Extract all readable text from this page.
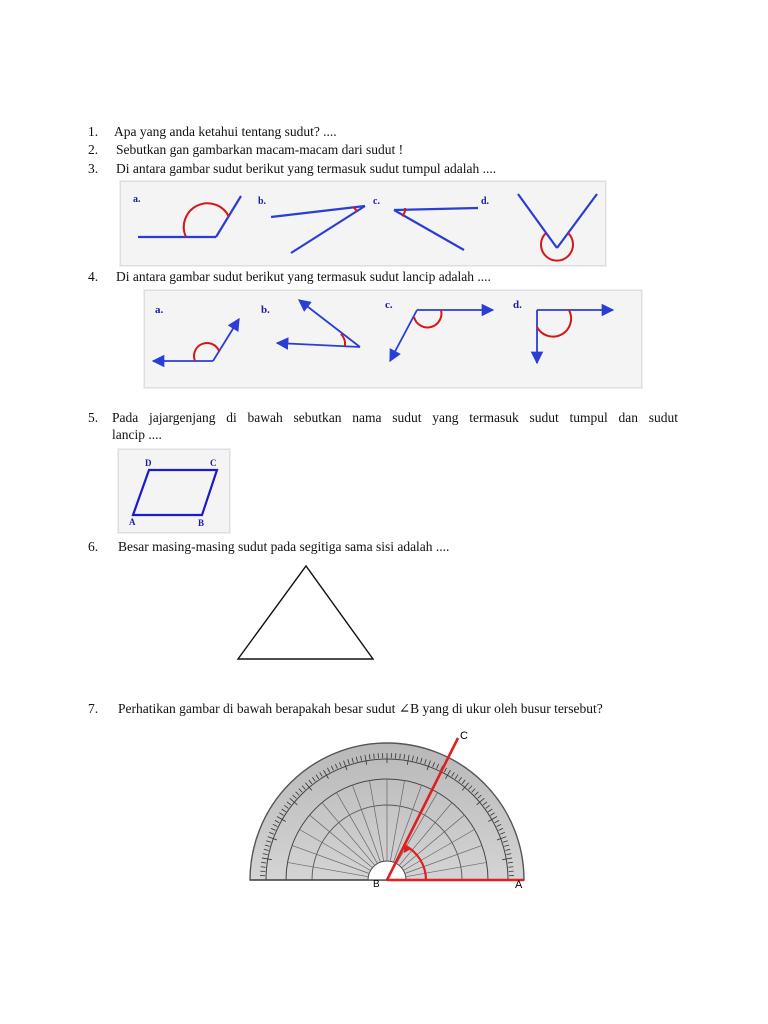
1. Apa yang anda ketahui tentang sudut? ....
2. Sebutkan gan gambarkan macam-macam dari sudut !
3. Di antara gambar sudut berikut yang termasuk sudut tumpul adalah ....
a.	b.	c.	d.
4. Di antara gambar sudut berikut yang termasuk sudut lancip adalah ....
a.	b.	c.	d.
5. Pada jajargenjang di bawah sebutkan nama sudut yang termasuk sudut tumpul dan sudut
lancip ....
D	C
A	B
6. Besar masing-masing sudut pada segitiga sama sisi adalah ....
7. Perhatikan gambar di bawah berapakah besar sudut ∠B yang di ukur oleh busur tersebut?
C
B	A
